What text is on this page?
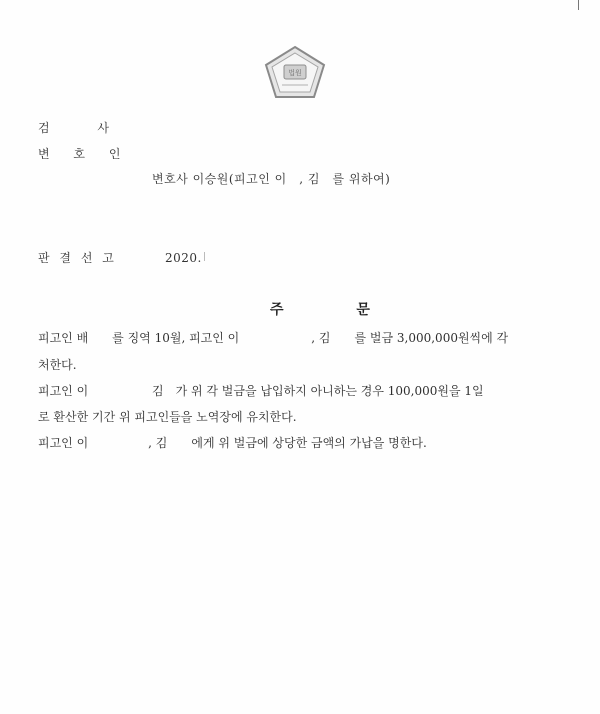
법원
검 사
변 호 인
변호사 이승원(피고인 이　, 김　를 위하여)
판 결 선 고	2020.
주 문
피고인 배　　를 징역 10월, 피고인 이　　　　　　, 김　　를 벌금 3,000,000원씩에 각
처한다.
피고인 이　　　　　 김　가 위 각 벌금을 납입하지 아니하는 경우 100,000원을 1일
로 환산한 기간 위 피고인들을 노역장에 유치한다.
피고인 이　　　　　, 김　　에게 위 벌금에 상당한 금액의 가납을 명한다.
